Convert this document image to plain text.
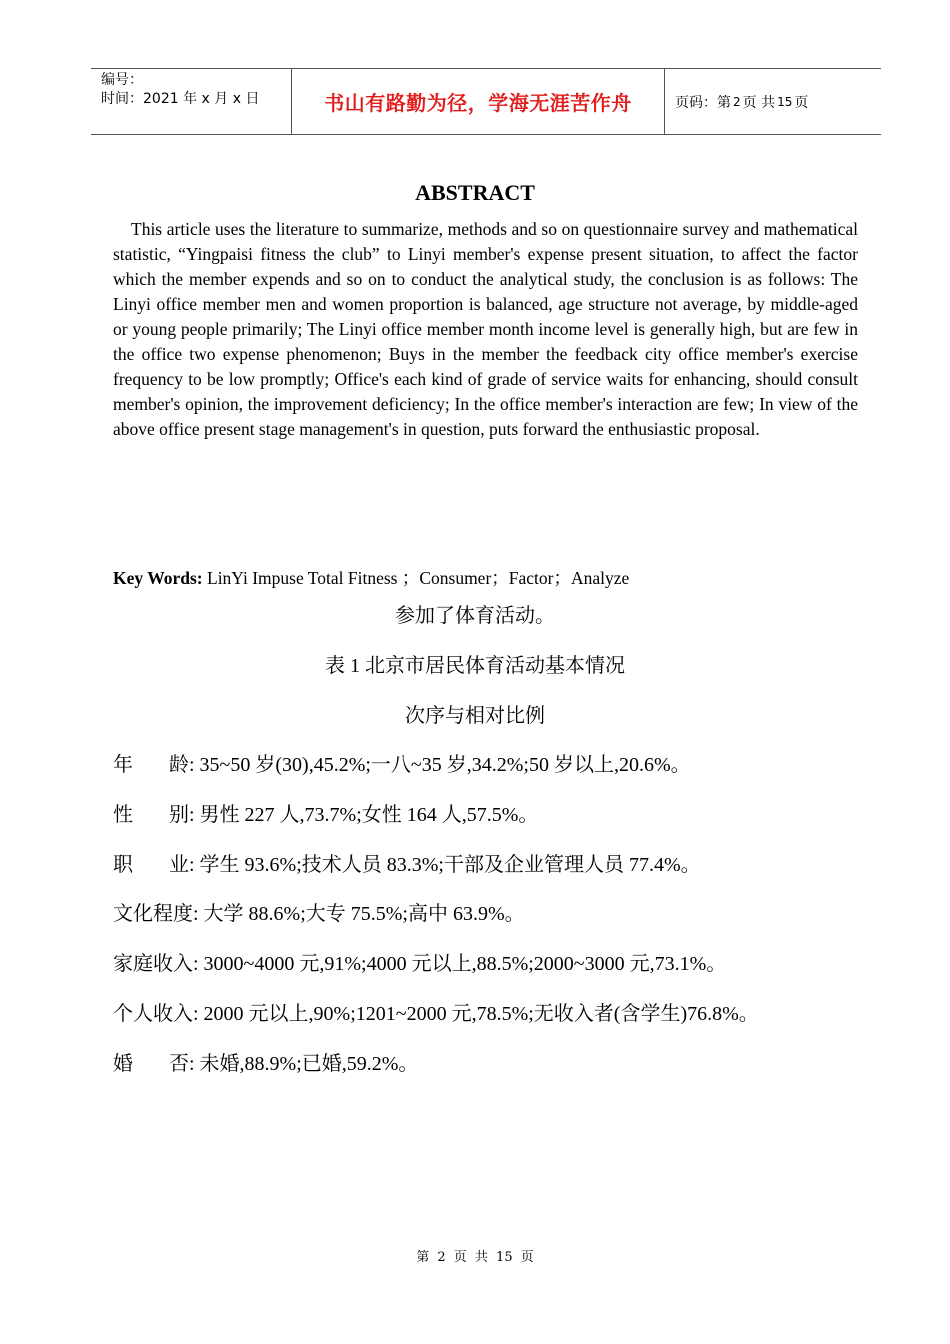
编号：
时间：2021 年 x 月 x 日	书山有路勤为径，学海无涯苦作舟	页码：第 2 页 共 15 页
ABSTRACT
This article uses the literature to summarize, methods and so on questionnaire survey and mathematical statistic, “Yingpaisi fitness the club” to Linyi member's expense present situation, to affect the factor which the member expends and so on to conduct the analytical study, the conclusion is as follows: The Linyi office member men and women proportion is balanced, age structure not average, by middle-aged or young people primarily; The Linyi office member month income level is generally high, but are few in the office two expense phenomenon; Buys in the member the feedback city office member's exercise frequency to be low promptly; Office's each kind of grade of service waits for enhancing, should consult member's opinion, the improvement deficiency; In the office member's interaction are few; In view of the above office present stage management's in question, puts forward the enthusiastic proposal.
Key Words: LinYi Impuse Total Fitness ；Consumer；Factor；Analyze
参加了体育活动。
表 1 北京市居民体育活动基本情况
次序与相对比例
年 龄: 35~50 岁(30),45.2%;一八~35 岁,34.2%;50 岁以上,20.6%。
性 别: 男性 227 人,73.7%;女性 164 人,57.5%。
职 业: 学生 93.6%;技术人员 83.3%;干部及企业管理人员 77.4%。
文化程度: 大学 88.6%;大专 75.5%;高中 63.9%。
家庭收入: 3000~4000 元,91%;4000 元以上,88.5%;2000~3000 元,73.1%。
个人收入: 2000 元以上,90%;1201~2000 元,78.5%;无收入者(含学生)76.8%。
婚 否: 未婚,88.9%;已婚,59.2%。
第 2 页 共 15 页
